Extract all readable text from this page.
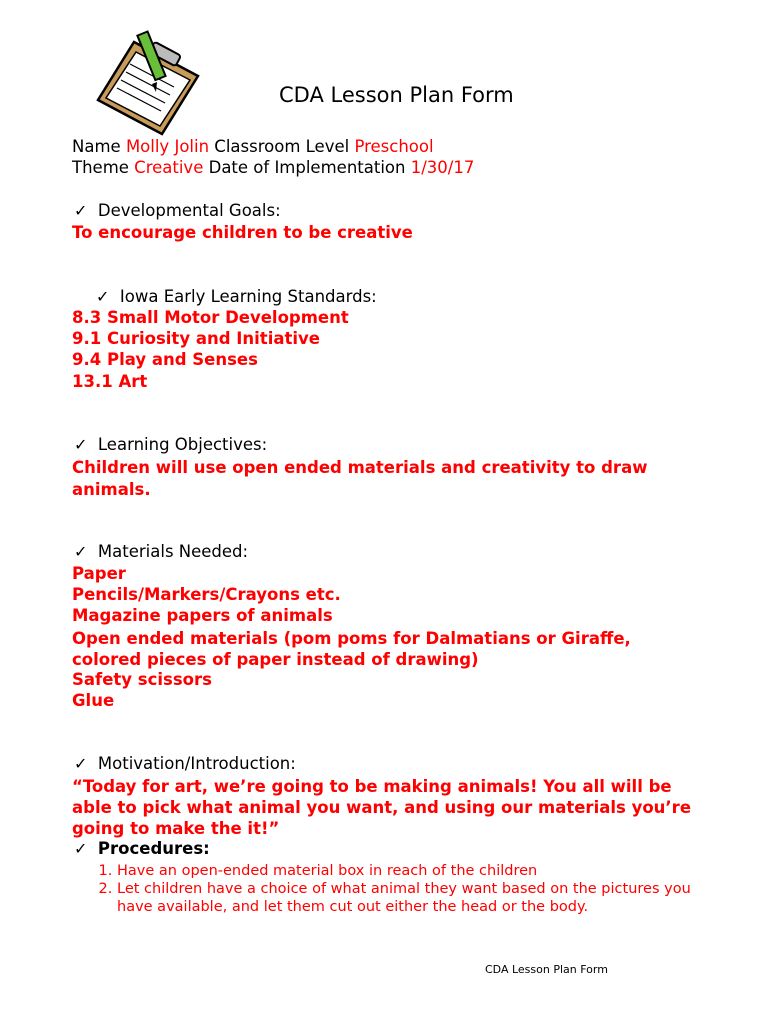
CDA Lesson Plan Form
Name Molly Jolin Classroom Level Preschool
Theme Creative Date of Implementation 1/30/17
✓ Developmental Goals:
To encourage children to be creative
✓ Iowa Early Learning Standards:
8.3 Small Motor Development
9.1 Curiosity and Initiative
9.4 Play and Senses
13.1 Art
✓ Learning Objectives:
Children will use open ended materials and creativity to draw animals.
✓ Materials Needed:
Paper
Pencils/Markers/Crayons etc.
Magazine papers of animals
Open ended materials (pom poms for Dalmatians or Giraffe, colored pieces of paper instead of drawing)
Safety scissors
Glue
✓ Motivation/Introduction:
“Today for art, we’re going to be making animals! You all will be able to pick what animal you want, and using our materials you’re going to make the it!”
✓ Procedures:
1. Have an open-ended material box in reach of the children
2. Let children have a choice of what animal they want based on the pictures you have available, and let them cut out either the head or the body.
CDA Lesson Plan Form
